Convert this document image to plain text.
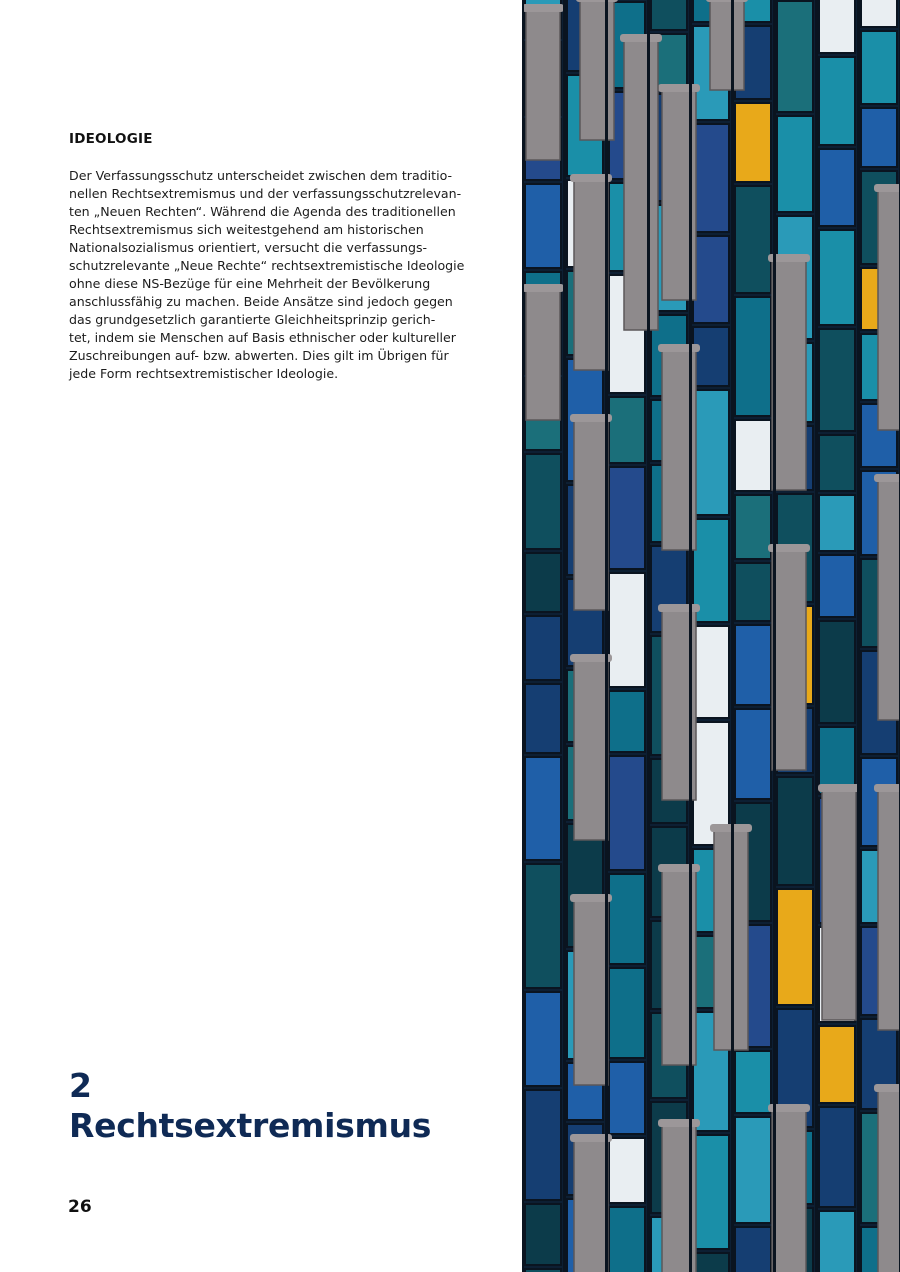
IDEOLOGIE
Der Verfassungsschutz unterscheidet zwischen dem traditio-
nellen Rechtsextremismus und der verfassungsschutzrelevan-
ten „Neuen Rechten“. Während die Agenda des traditionellen
Rechtsextremismus sich weitestgehend am historischen
Nationalsozialismus orientiert, versucht die verfassungs-
schutzrelevante „Neue Rechte“ rechtsextremistische Ideologie
ohne diese NS-Bezüge für eine Mehrheit der Bevölkerung
anschlussfähig zu machen. Beide Ansätze sind jedoch gegen
das grundgesetzlich garantierte Gleichheitsprinzip gerich-
tet, indem sie Menschen auf Basis ethnischer oder kultureller
Zuschreibungen auf- bzw. abwerten. Dies gilt im Übrigen für
jede Form rechtsextremistischer Ideologie.
2
Rechtsextremismus
26
